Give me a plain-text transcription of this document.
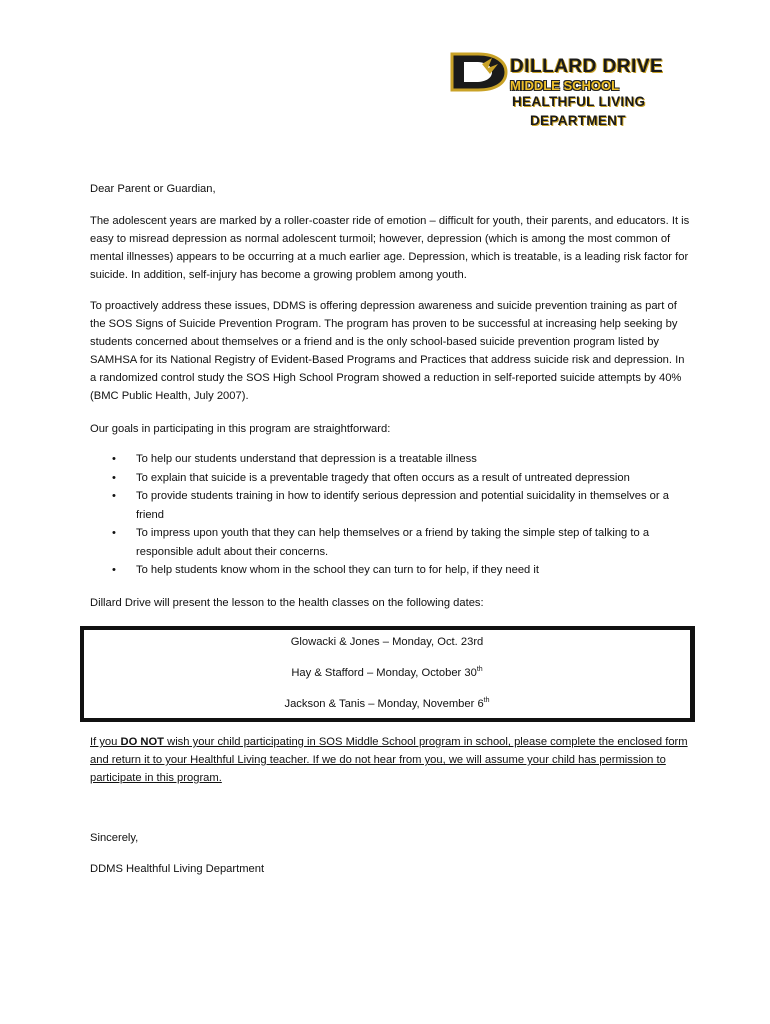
DILLARD DRIVE
MIDDLE SCHOOL
HEALTHFUL LIVING
DEPARTMENT
Dear Parent or Guardian,

The adolescent years are marked by a roller-coaster ride of emotion – difficult for youth, their parents, and educators. It is easy to misread depression as normal adolescent turmoil; however, depression (which is among the most common of mental illnesses) appears to be occurring at a much earlier age. Depression, which is treatable, is a leading risk factor for suicide. In addition, self-injury has become a growing problem among youth.

To proactively address these issues, DDMS is offering depression awareness and suicide prevention training as part of the SOS Signs of Suicide Prevention Program. The program has proven to be successful at increasing help seeking by students concerned about themselves or a friend and is the only school-based suicide prevention program listed by SAMHSA for its National Registry of Evident-Based Programs and Practices that address suicide risk and depression. In a randomized control study the SOS High School Program showed a reduction in self-reported suicide attempts by 40% (BMC Public Health, July 2007).

Our goals in participating in this program are straightforward:
• To help our students understand that depression is a treatable illness
• To explain that suicide is a preventable tragedy that often occurs as a result of untreated depression
• To provide students training in how to identify serious depression and potential suicidality in themselves or a friend
• To impress upon youth that they can help themselves or a friend by taking the simple step of talking to a responsible adult about their concerns.
• To help students know whom in the school they can turn to for help, if they need it
Dillard Drive will present the lesson to the health classes on the following dates:
Glowacki & Jones – Monday, Oct. 23rd
Hay & Stafford – Monday, October 30th
Jackson & Tanis – Monday, November 6th
If you DO NOT wish your child participating in SOS Middle School program in school, please complete the enclosed form and return it to your Healthful Living teacher. If we do not hear from you, we will assume your child has permission to participate in this program.
Sincerely,
DDMS Healthful Living Department
